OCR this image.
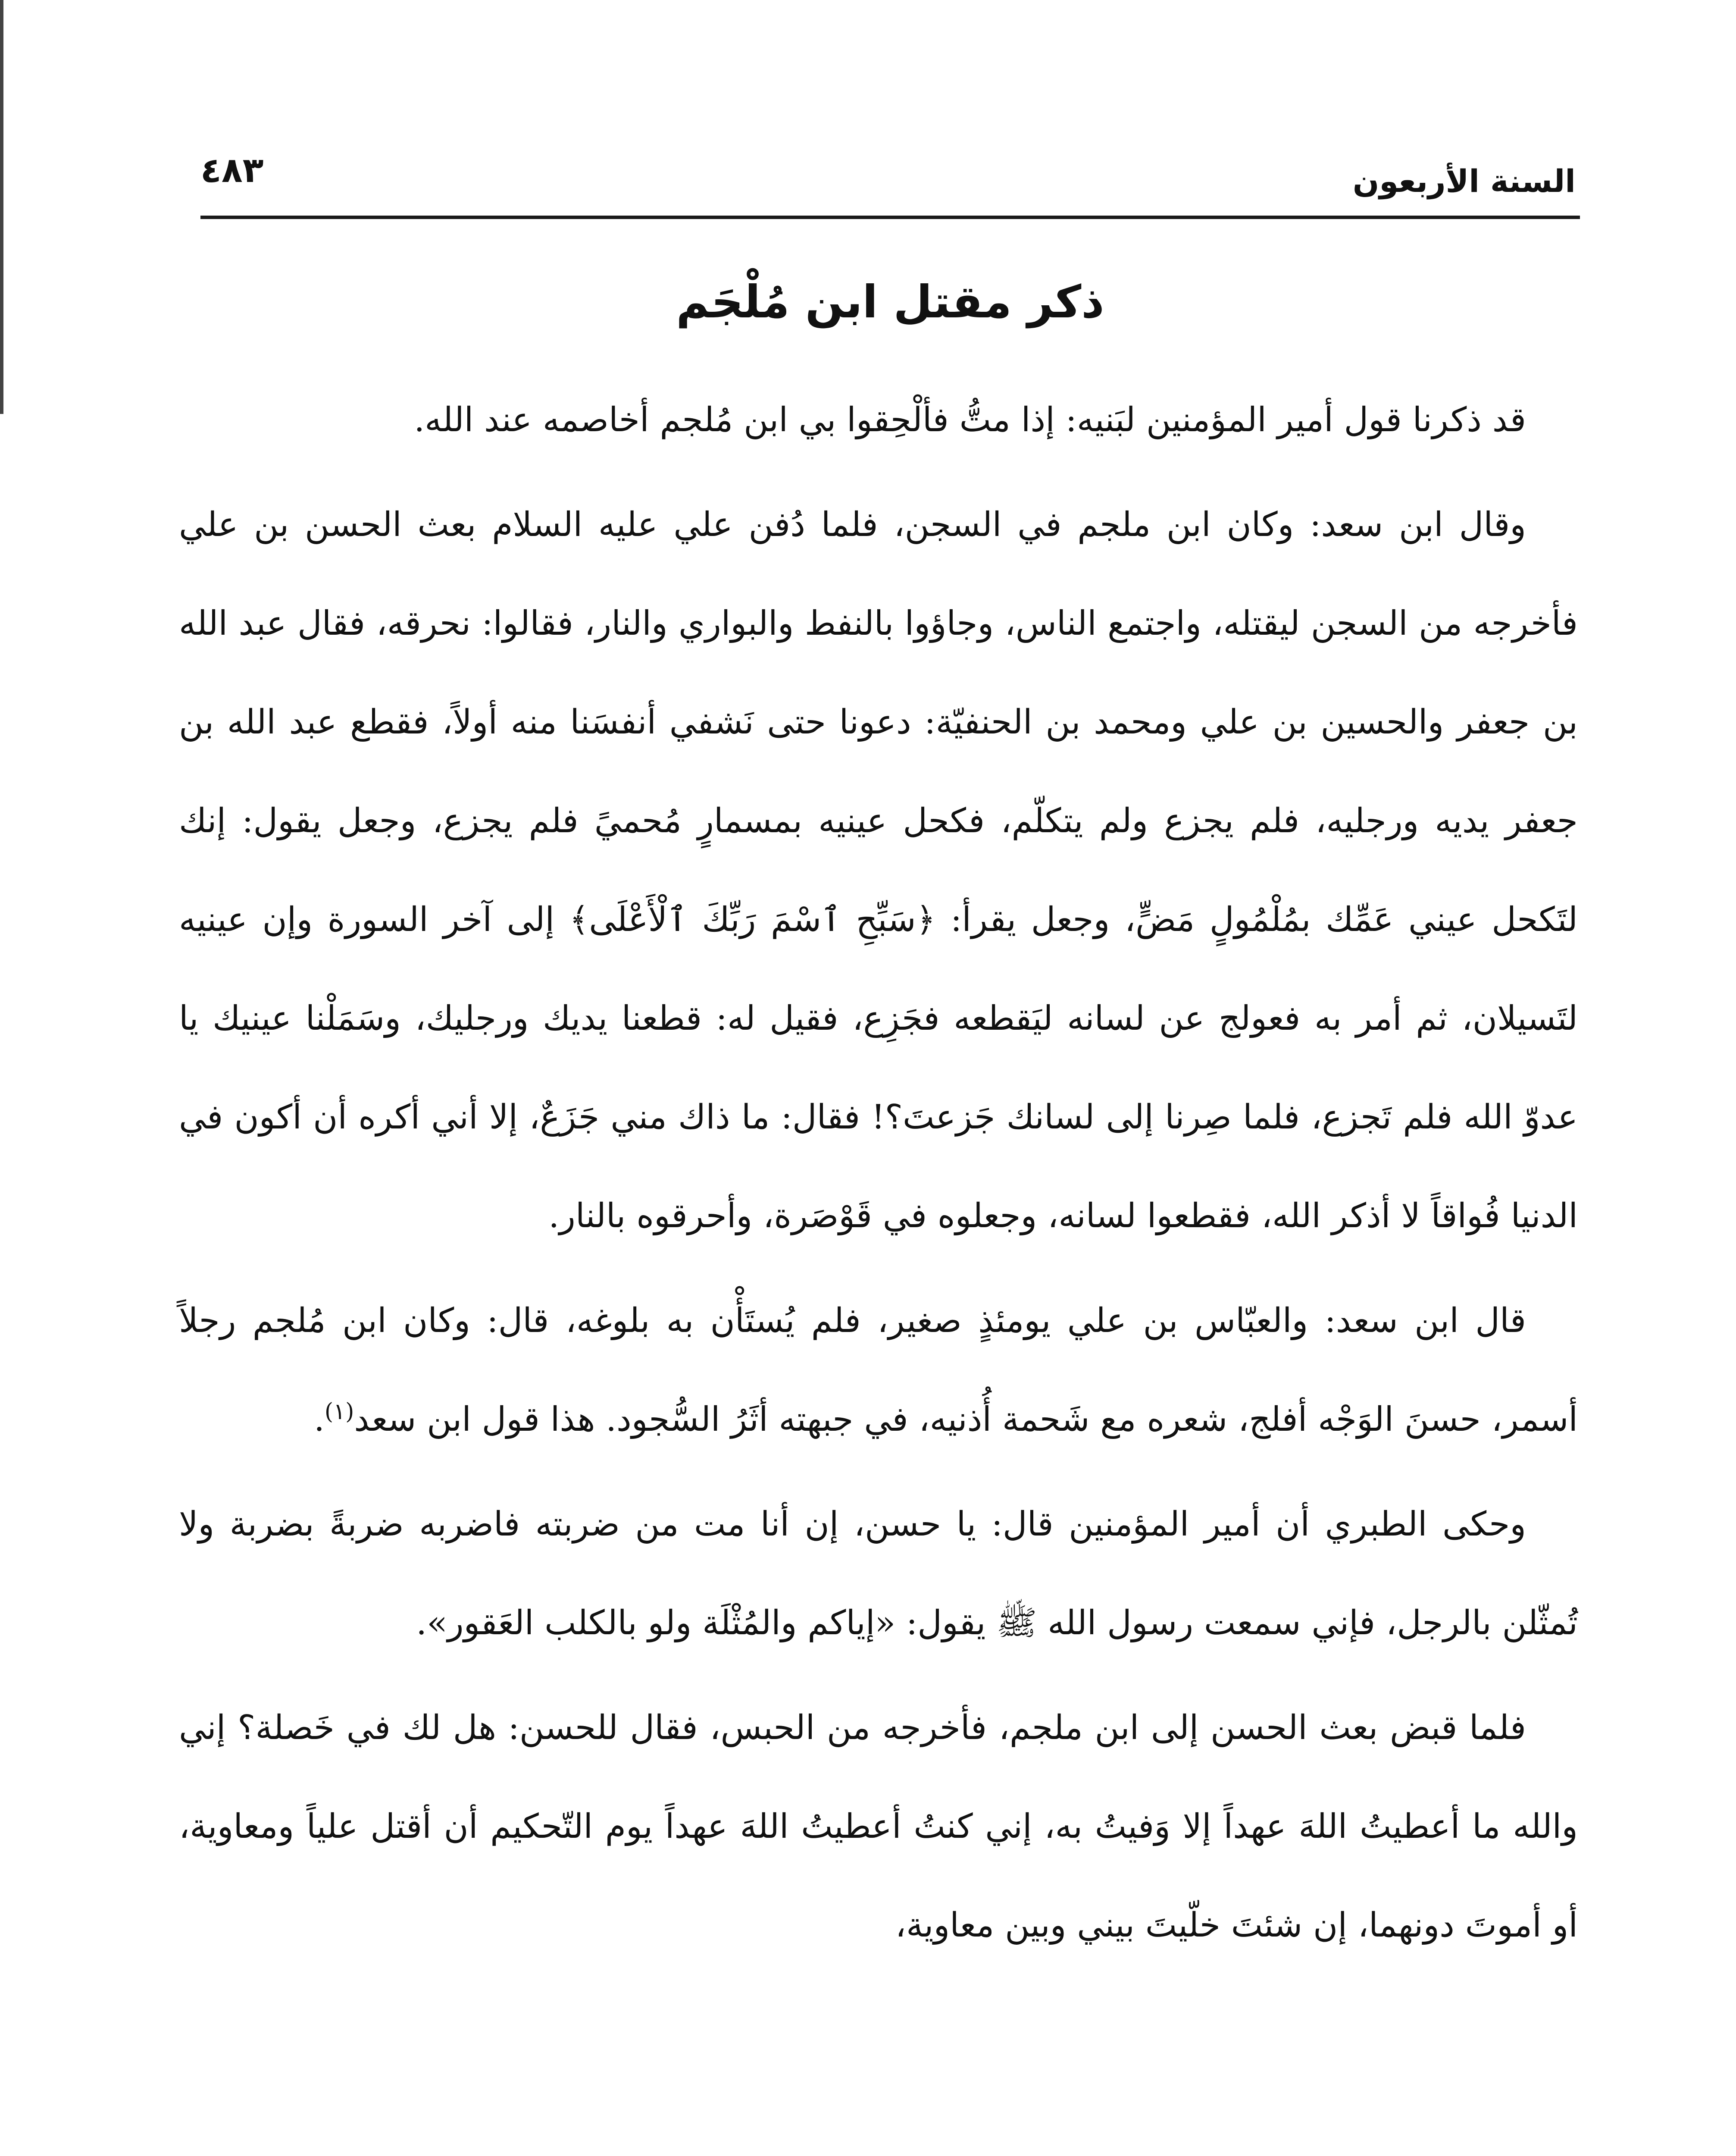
السنة الأربعون
٤٨٣
ذكر مقتل ابن مُلْجَم

قد ذكرنا قول أمير المؤمنين لبَنيه: إذا متُّ فألْحِقوا بي ابن مُلجم أخاصمه عند الله.

وقال ابن سعد: وكان ابن ملجم في السجن، فلما دُفن علي عليه السلام بعث الحسن بن علي فأخرجه من السجن ليقتله، واجتمع الناس، وجاؤوا بالنفط والبواري والنار، فقالوا: نحرقه، فقال عبد الله بن جعفر والحسين بن علي ومحمد بن الحنفيّة: دعونا حتى نَشفي أنفسَنا منه أولاً، فقطع عبد الله بن جعفر يديه ورجليه، فلم يجزع ولم يتكلّم، فكحل عينيه بمسمارٍ مُحميً فلم يجزع، وجعل يقول: إنك لتَكحل عيني عَمِّك بمُلْمُولٍ مَضٍّ، وجعل يقرأ: ﴿سَبِّحِ ٱسْمَ رَبِّكَ ٱلْأَعْلَى﴾ إلى آخر السورة وإن عينيه لتَسيلان، ثم أمر به فعولج عن لسانه ليَقطعه فجَزِع، فقيل له: قطعنا يديك ورجليك، وسَمَلْنا عينيك يا عدوّ الله فلم تَجزع، فلما صِرنا إلى لسانك جَزعتَ؟! فقال: ما ذاك مني جَزَعٌ، إلا أني أكره أن أكون في الدنيا فُواقاً لا أذكر الله، فقطعوا لسانه، وجعلوه في قَوْصَرة، وأحرقوه بالنار.

قال ابن سعد: والعبّاس بن علي يومئذٍ صغير، فلم يُستَأْن به بلوغه، قال: وكان ابن مُلجم رجلاً أسمر، حسنَ الوَجْه أفلج، شعره مع شَحمة أُذنيه، في جبهته أثَرُ السُّجود. هذا قول ابن سعد$^{(١)}$.

وحكى الطبري أن أمير المؤمنين قال: يا حسن، إن أنا مت من ضربته فاضربه ضربةً بضربة ولا تُمثّلن بالرجل، فإني سمعت رسول الله ﷺ يقول: «إياكم والمُثْلَة ولو بالكلب العَقور».

فلما قبض بعث الحسن إلى ابن ملجم، فأخرجه من الحبس، فقال للحسن: هل لك في خَصلة؟ إني والله ما أعطيتُ اللهَ عهداً إلا وَفيتُ به، إني كنتُ أعطيتُ اللهَ عهداً يوم التّحكيم أن أقتل علياً ومعاوية، أو أموتَ دونهما، إن شئتَ خلّيتَ بيني وبين معاوية،
